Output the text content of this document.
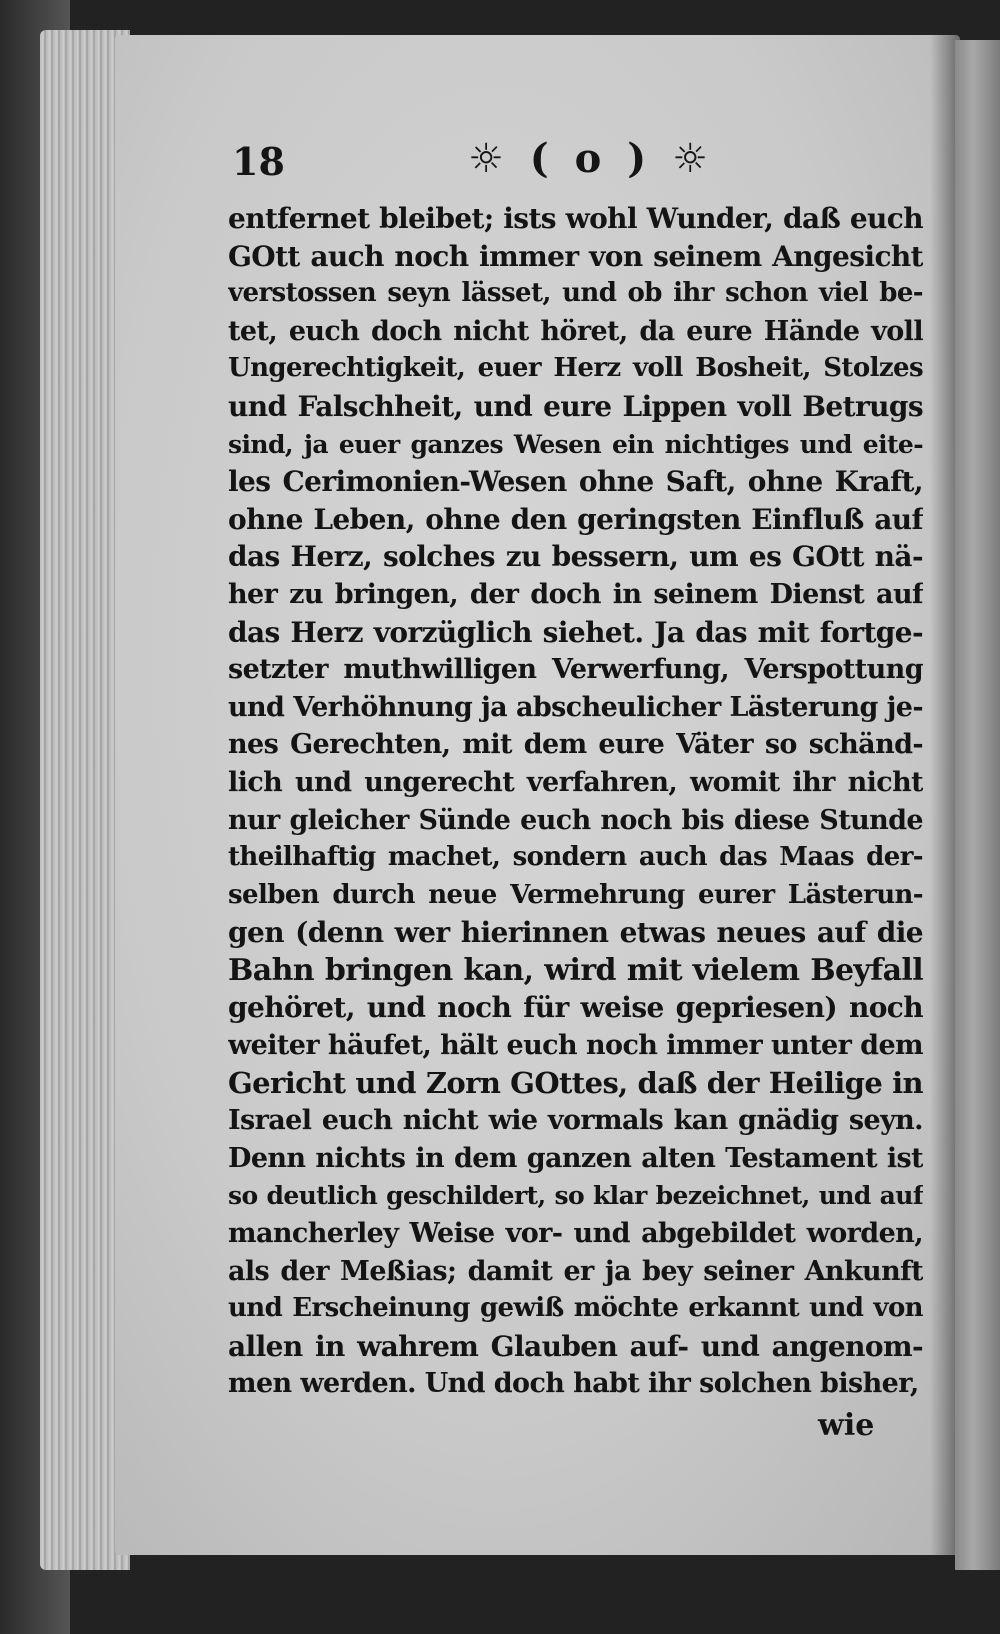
18	☼ ( o ) ☼
entfernet bleibet; ists wohl Wunder, daß euch
GOtt auch noch immer von seinem Angesicht
verstossen seyn lässet, und ob ihr schon viel be-
tet, euch doch nicht höret, da eure Hände voll
Ungerechtigkeit, euer Herz voll Bosheit, Stolzes
und Falschheit, und eure Lippen voll Betrugs
sind, ja euer ganzes Wesen ein nichtiges und eite-
les Cerimonien-Wesen ohne Saft, ohne Kraft,
ohne Leben, ohne den geringsten Einfluß auf
das Herz, solches zu bessern, um es GOtt nä-
her zu bringen, der doch in seinem Dienst auf
das Herz vorzüglich siehet. Ja das mit fortge-
setzter muthwilligen Verwerfung, Verspottung
und Verhöhnung ja abscheulicher Lästerung je-
nes Gerechten, mit dem eure Väter so schänd-
lich und ungerecht verfahren, womit ihr nicht
nur gleicher Sünde euch noch bis diese Stunde
theilhaftig machet, sondern auch das Maas der-
selben durch neue Vermehrung eurer Lästerun-
gen (denn wer hierinnen etwas neues auf die
Bahn bringen kan, wird mit vielem Beyfall
gehöret, und noch für weise gepriesen) noch
weiter häufet, hält euch noch immer unter dem
Gericht und Zorn GOttes, daß der Heilige in
Israel euch nicht wie vormals kan gnädig seyn.
Denn nichts in dem ganzen alten Testament ist
so deutlich geschildert, so klar bezeichnet, und auf
mancherley Weise vor- und abgebildet worden,
als der Meßias; damit er ja bey seiner Ankunft
und Erscheinung gewiß möchte erkannt und von
allen in wahrem Glauben auf- und angenom-
men werden. Und doch habt ihr solchen bisher,
wie
